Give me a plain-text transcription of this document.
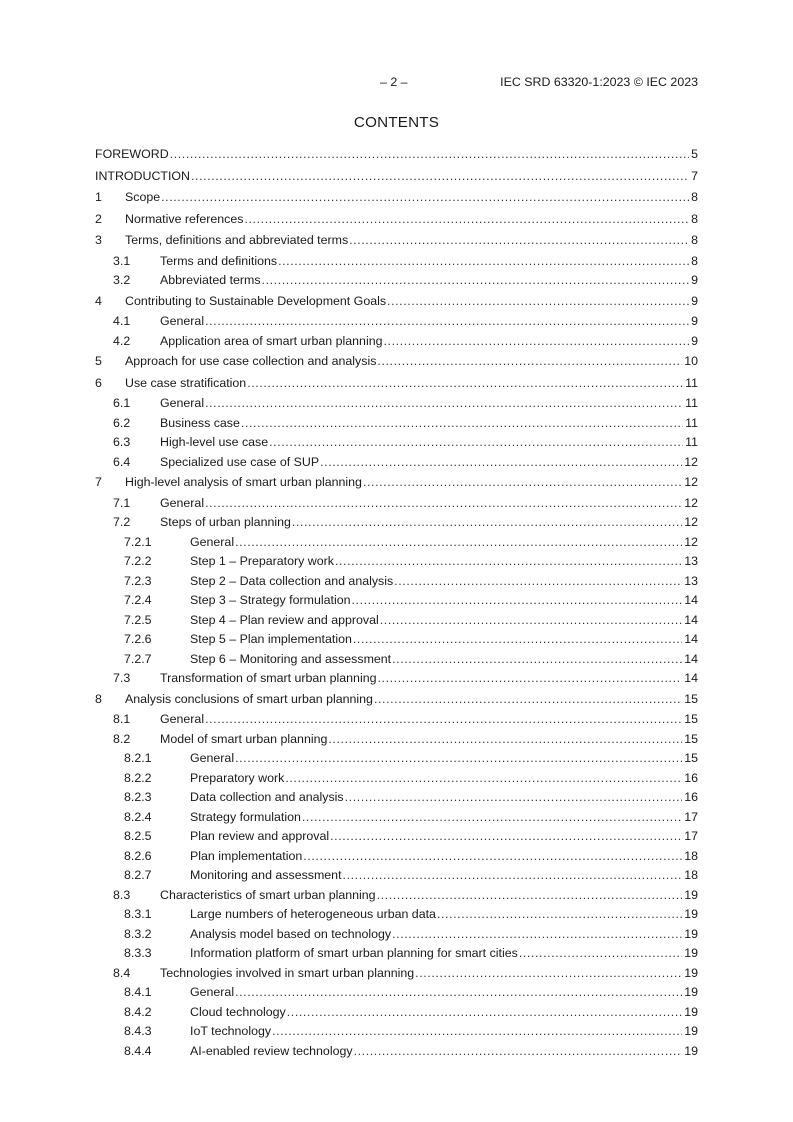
– 2 –	IEC SRD 63320-1:2023 © IEC 2023
CONTENTS
FOREWORD .....	5
INTRODUCTION .....	7
1	Scope .....	8
2	Normative references .....	8
3	Terms, definitions and abbreviated terms .....	8
3.1	Terms and definitions .....	8
3.2	Abbreviated terms .....	9
4	Contributing to Sustainable Development Goals .....	9
4.1	General .....	9
4.2	Application area of smart urban planning .....	9
5	Approach for use case collection and analysis .....	10
6	Use case stratification .....	11
6.1	General .....	11
6.2	Business case .....	11
6.3	High-level use case .....	11
6.4	Specialized use case of SUP .....	12
7	High-level analysis of smart urban planning .....	12
7.1	General .....	12
7.2	Steps of urban planning .....	12
7.2.1	General .....	12
7.2.2	Step 1 – Preparatory work .....	13
7.2.3	Step 2 – Data collection and analysis .....	13
7.2.4	Step 3 – Strategy formulation .....	14
7.2.5	Step 4 – Plan review and approval .....	14
7.2.6	Step 5 – Plan implementation .....	14
7.2.7	Step 6 – Monitoring and assessment .....	14
7.3	Transformation of smart urban planning .....	14
8	Analysis conclusions of smart urban planning .....	15
8.1	General .....	15
8.2	Model of smart urban planning .....	15
8.2.1	General .....	15
8.2.2	Preparatory work .....	16
8.2.3	Data collection and analysis .....	16
8.2.4	Strategy formulation .....	17
8.2.5	Plan review and approval .....	17
8.2.6	Plan implementation .....	18
8.2.7	Monitoring and assessment .....	18
8.3	Characteristics of smart urban planning .....	19
8.3.1	Large numbers of heterogeneous urban data .....	19
8.3.2	Analysis model based on technology .....	19
8.3.3	Information platform of smart urban planning for smart cities .....	19
8.4	Technologies involved in smart urban planning .....	19
8.4.1	General .....	19
8.4.2	Cloud technology .....	19
8.4.3	IoT technology .....	19
8.4.4	AI-enabled review technology .....	19
